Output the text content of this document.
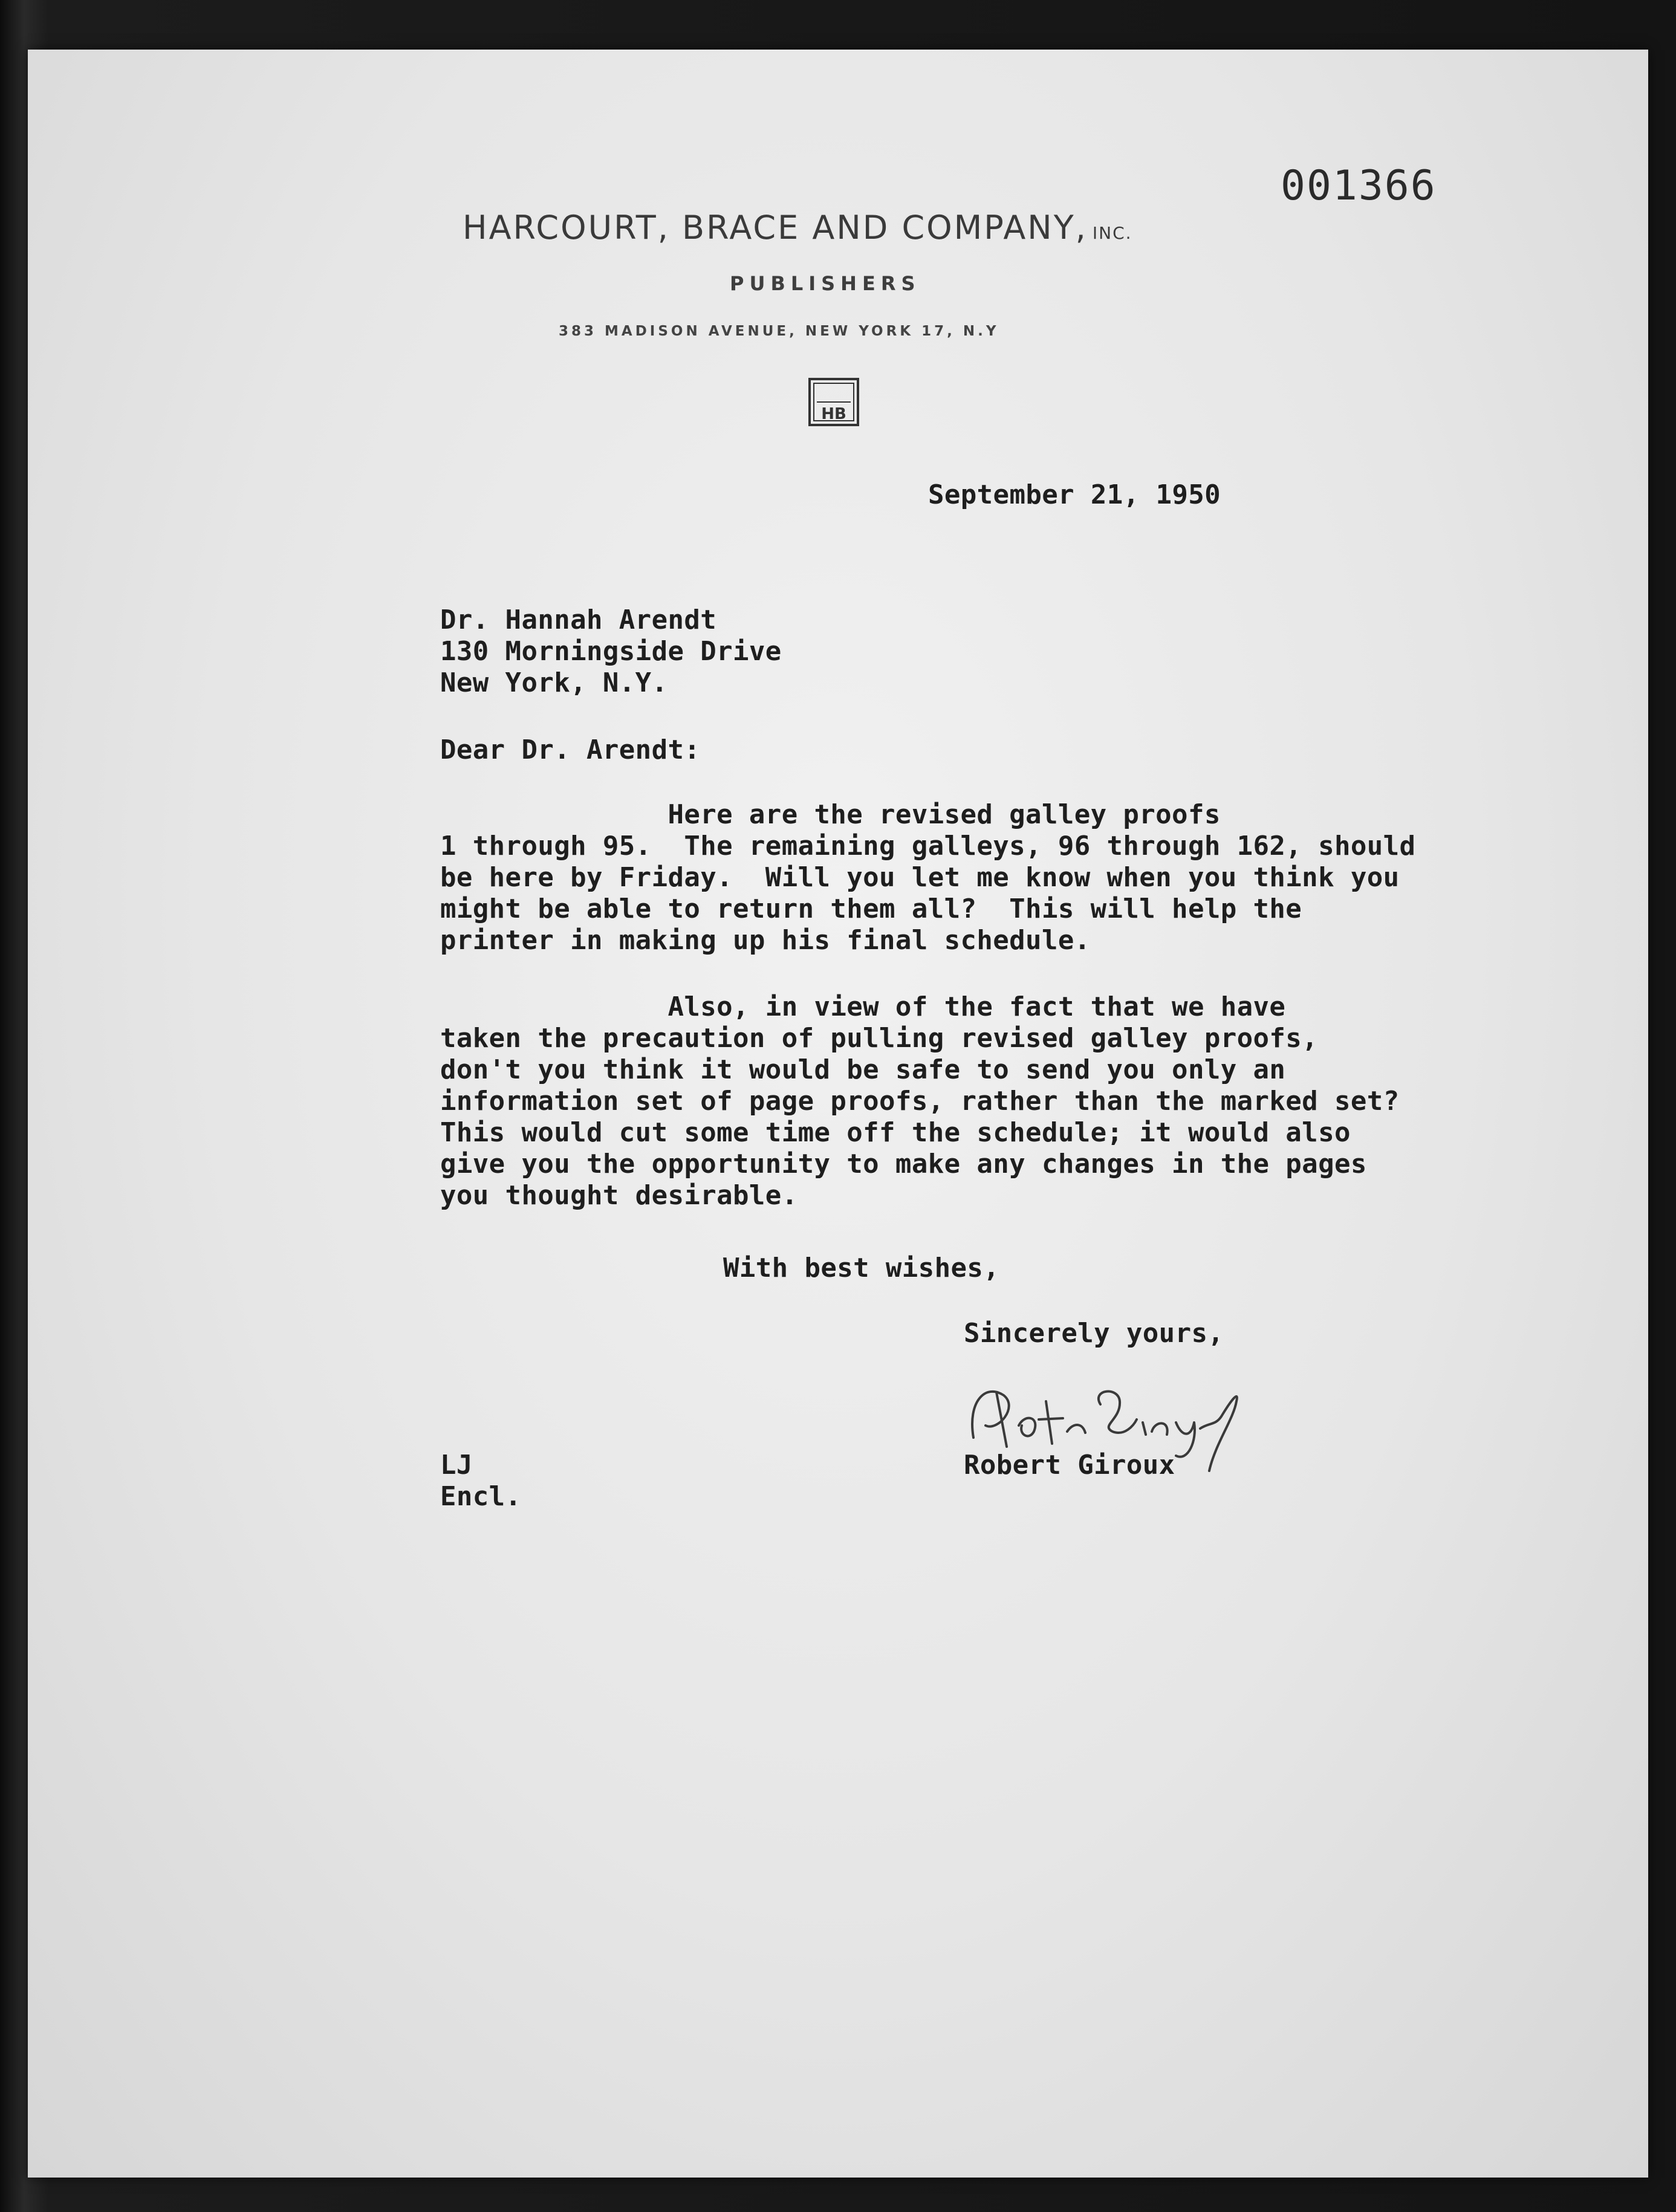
001366
HARCOURT, BRACE AND COMPANY, INC.
PUBLISHERS
383 MADISON AVENUE, NEW YORK 17, N.Y
HB
September 21, 1950
Dr. Hannah Arendt
130 Morningside Drive
New York, N.Y.
Dear Dr. Arendt:
Here are the revised galley proofs
1 through 95.  The remaining galleys, 96 through 162, should
be here by Friday.  Will you let me know when you think you
might be able to return them all?  This will help the
printer in making up his final schedule.
Also, in view of the fact that we have
taken the precaution of pulling revised galley proofs,
don't you think it would be safe to send you only an
information set of page proofs, rather than the marked set?
This would cut some time off the schedule; it would also
give you the opportunity to make any changes in the pages
you thought desirable.
With best wishes,
Sincerely yours,
Robert Giroux
LJ
Encl.
